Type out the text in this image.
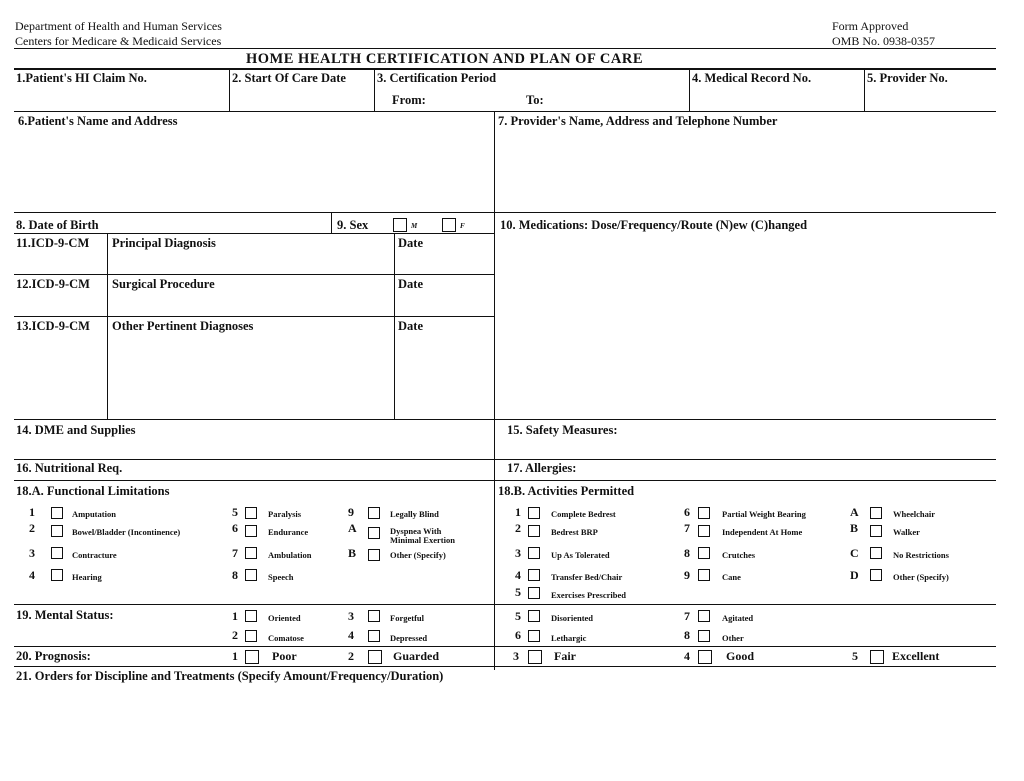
Department of Health and Human Services
Centers for Medicare & Medicaid Services
Form Approved
OMB No. 0938-0357
HOME HEALTH CERTIFICATION AND PLAN OF CARE
1.Patient's HI Claim No.	2. Start Of Care Date 3. Certification Period
From:	To:
4. Medical Record No.	5. Provider No.
6.Patient's Name and Address	7. Provider's Name, Address and Telephone Number
8. Date of Birth	9. Sex	M	F	10. Medications: Dose/Frequency/Route (N)ew (C)hanged
11.ICD-9-CM Principal Diagnosis	Date
12.ICD-9-CM Surgical Procedure	Date
13.ICD-9-CM Other Pertinent Diagnoses	Date
14. DME and Supplies	15. Safety Measures:
16. Nutritional Req.	17. Allergies:
18.A. Functional Limitations
1	Amputation
2	Bowel/Bladder (Incontinence)
3	Contracture
4	Hearing
5	Paralysis
6	Endurance
7	Ambulation
8	Speech
9	Legally Blind
A	Dyspnea With Minimal Exertion
B	Other (Specify)
18.B. Activities Permitted
1	Complete Bedrest
2	Bedrest BRP
3	Up As Tolerated
4	Transfer Bed/Chair
5	Exercises Prescribed
6	Partial Weight Bearing
7	Independent At Home
8	Crutches
9	Cane
A	Wheelchair
B	Walker
C	No Restrictions
D	Other (Specify)
19. Mental Status:	1	Oriented
2	Comatose
3	Forgetful
4	Depressed
5	Disoriented
6	Lethargic
7	Agitated
8	Other
20. Prognosis:	1	Poor	2	Guarded	3	Fair	4	Good	5	Excellent
21. Orders for Discipline and Treatments (Specify Amount/Frequency/Duration)
